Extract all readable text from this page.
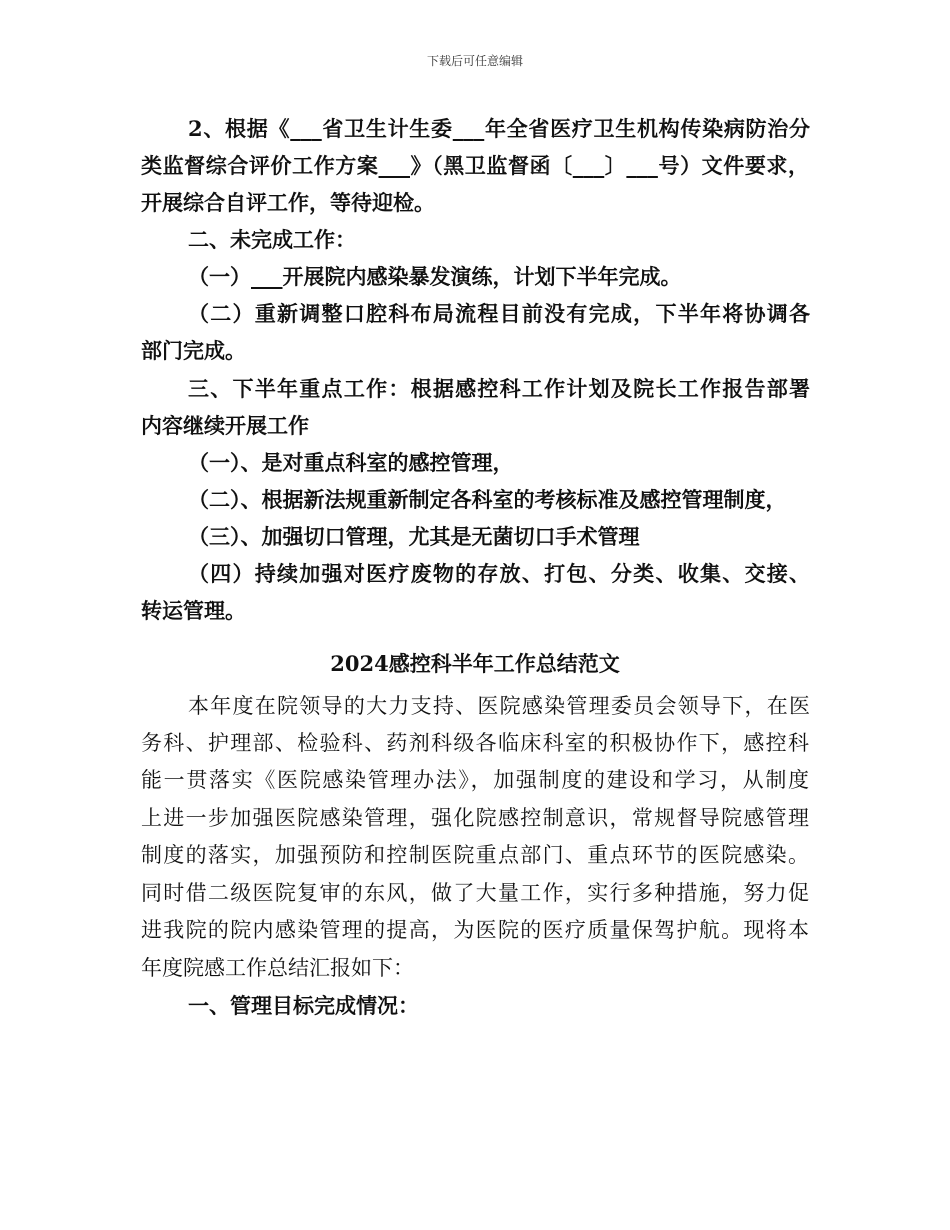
下载后可任意编辑
2、根据《___省卫生计生委___年全省医疗卫生机构传染病防治分
类监督综合评价工作方案___》（黑卫监督函〔___〕___号）文件要求，
开展综合自评工作，等待迎检。
二、未完成工作：
（一）___开展院内感染暴发演练，计划下半年完成。
（二）重新调整口腔科布局流程目前没有完成，下半年将协调各
部门完成。
三、下半年重点工作：根据感控科工作计划及院长工作报告部署
内容继续开展工作
（一）、是对重点科室的感控管理，
（二）、根据新法规重新制定各科室的考核标准及感控管理制度，
（三）、加强切口管理，尤其是无菌切口手术管理
（四）持续加强对医疗废物的存放、打包、分类、收集、交接、
转运管理。
2024感控科半年工作总结范文
本年度在院领导的大力支持、医院感染管理委员会领导下，在医
务科、护理部、检验科、药剂科级各临床科室的积极协作下，感控科
能一贯落实《医院感染管理办法》，加强制度的建设和学习，从制度
上进一步加强医院感染管理，强化院感控制意识，常规督导院感管理
制度的落实，加强预防和控制医院重点部门、重点环节的医院感染。
同时借二级医院复审的东风，做了大量工作，实行多种措施，努力促
进我院的院内感染管理的提高，为医院的医疗质量保驾护航。现将本
年度院感工作总结汇报如下：
一、管理目标完成情况：
